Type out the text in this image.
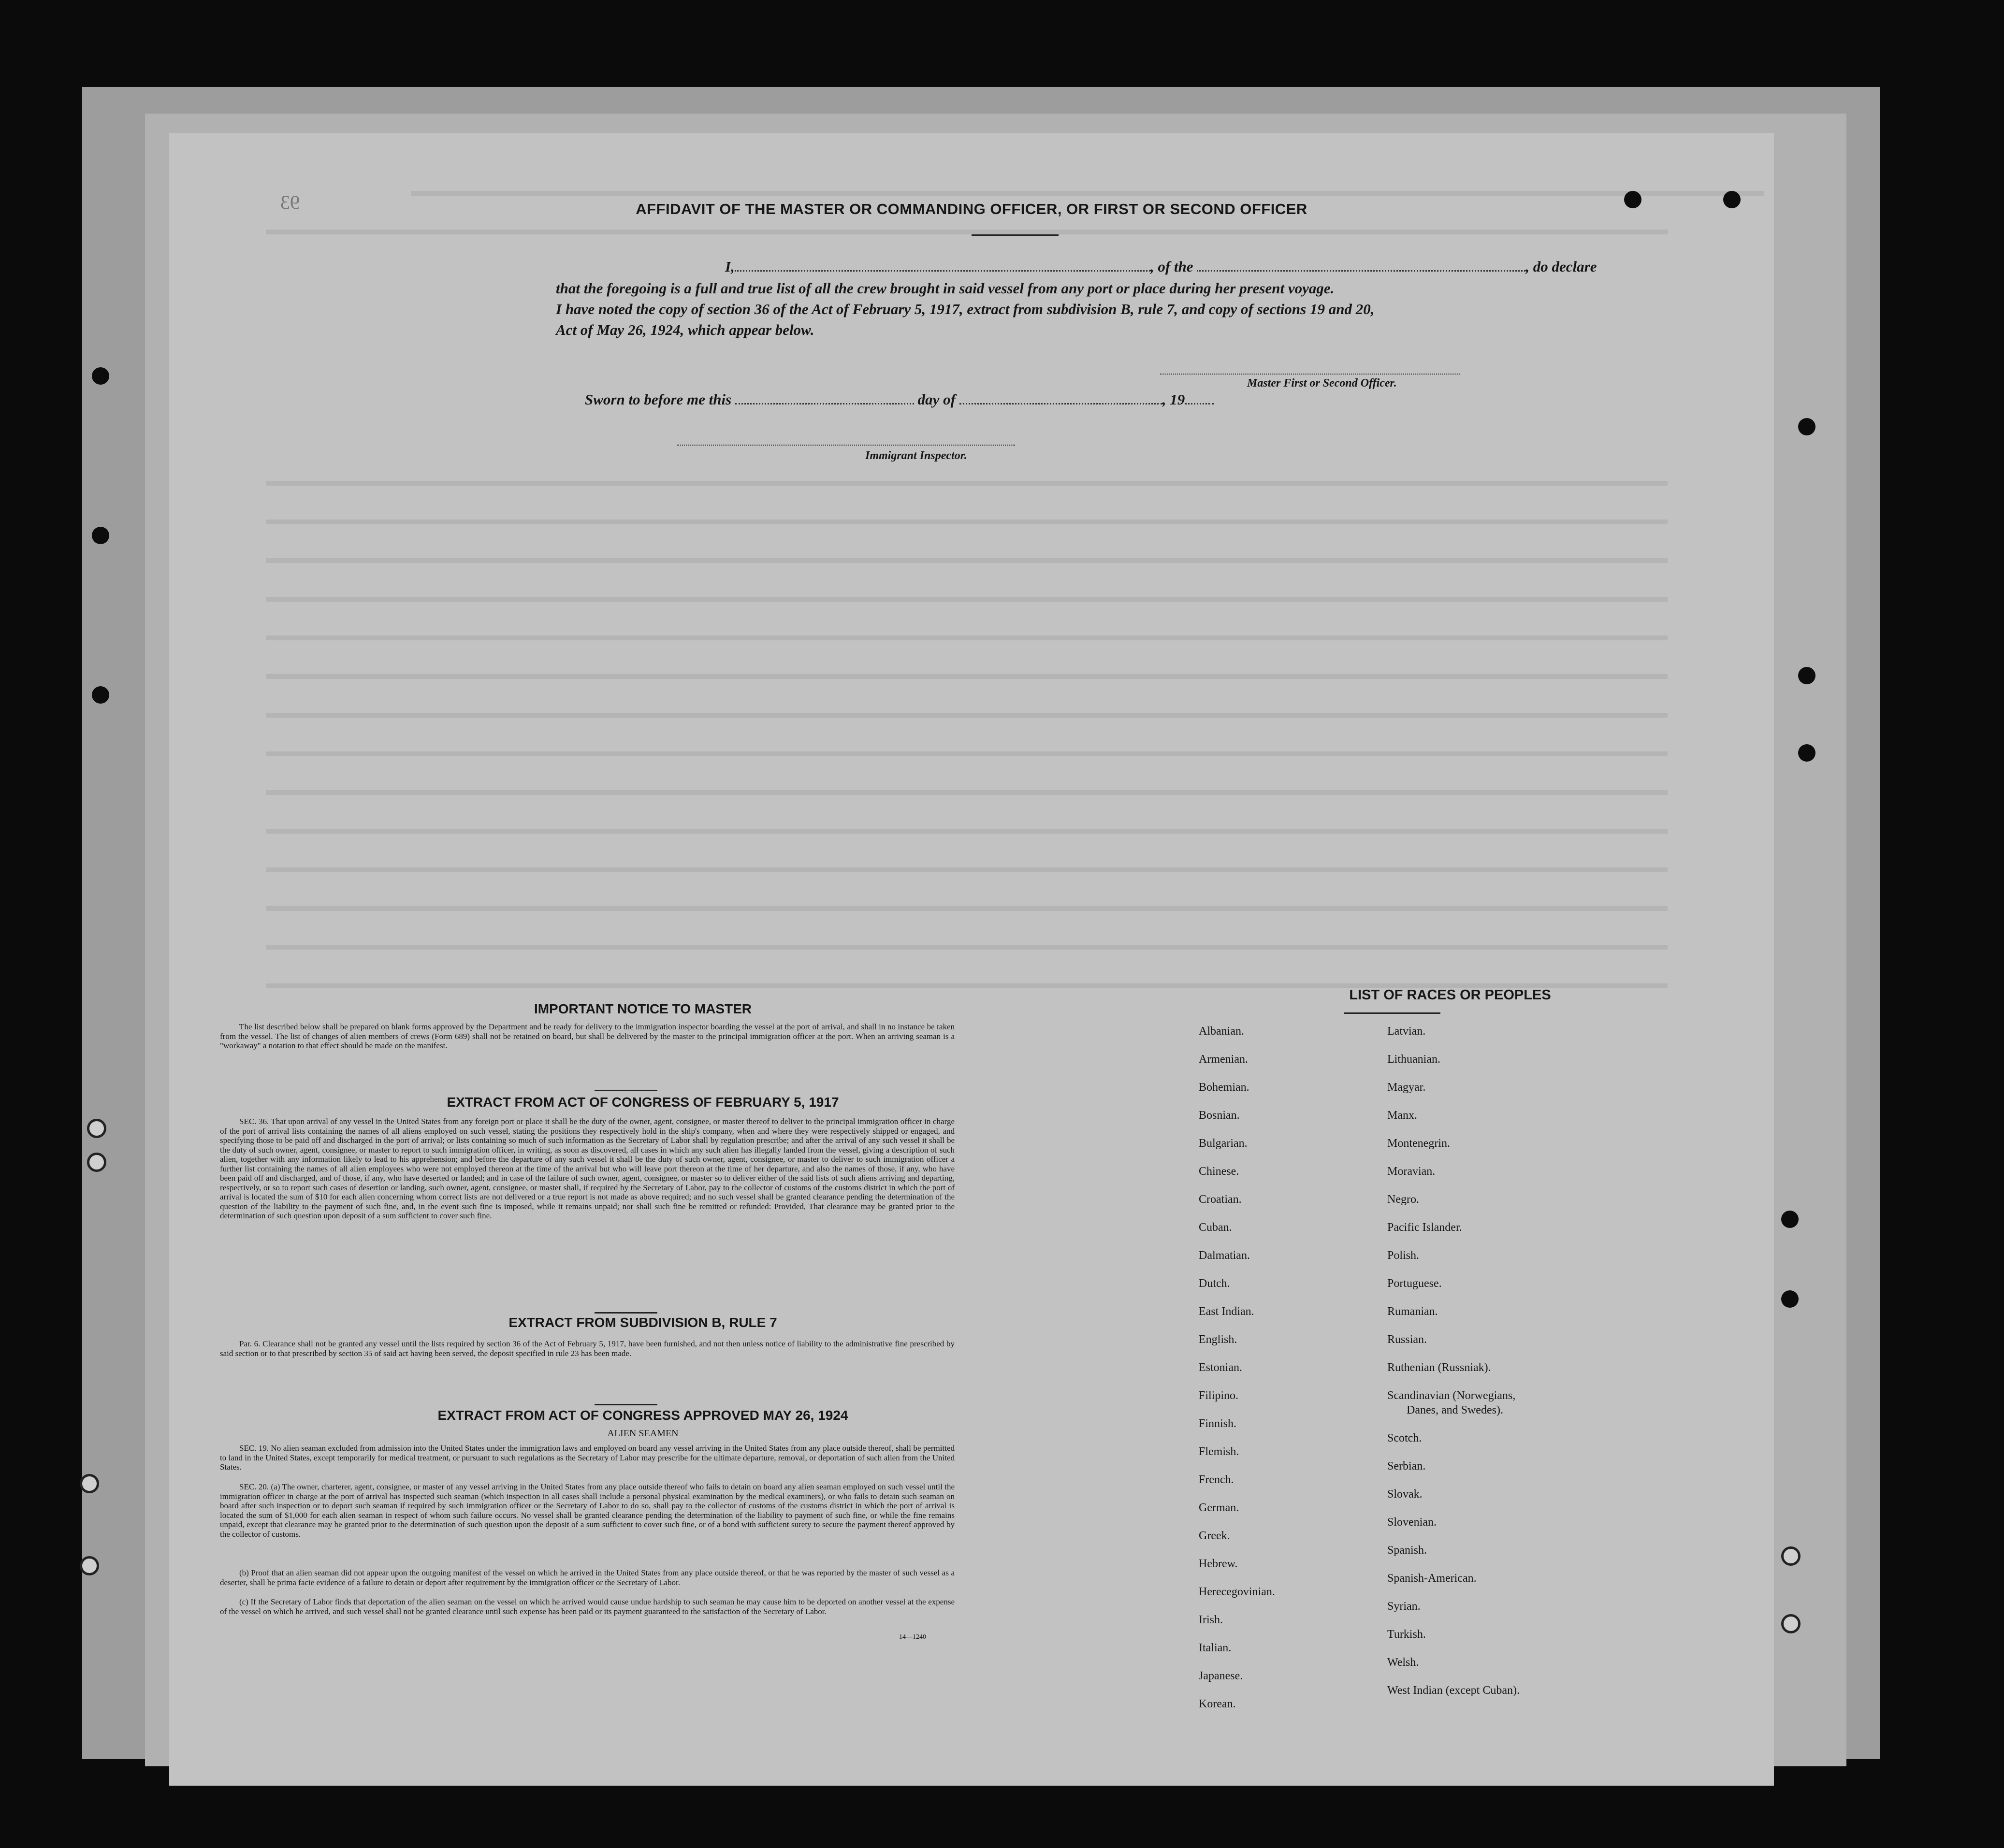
93	AFFIDAVIT OF THE MASTER OR COMMANDING OFFICER, OR FIRST OR SECOND OFFICER

I,	, of the	, do declare
that the foregoing is a full and true list of all the crew brought in said vessel from any port or place during her present voyage.
I have noted the copy of section 36 of the Act of February 5, 1917, extract from subdivision B, rule 7, and copy of sections 19 and 20,
Act of May 26, 1924, which appear below.
Master First or Second Officer.
Sworn to before me this	day of	, 19
Immigrant Inspector.

IMPORTANT NOTICE TO MASTER

The list described below shall be prepared on blank forms approved by the Department and be ready for delivery to the immigration inspector boarding the vessel at the port of arrival, and shall in no instance be taken from the vessel. The list of changes of alien members of crews (Form 689) shall not be retained on board, but shall be delivered by the master to the principal immigration officer at the port. When an arriving seaman is a "workaway" a notation to that effect should be made on the manifest.

EXTRACT FROM ACT OF CONGRESS OF FEBRUARY 5, 1917

SEC. 36. That upon arrival of any vessel in the United States from any foreign port or place it shall be the duty of the owner, agent, consignee, or master thereof to deliver to the principal immigration officer in charge of the port of arrival lists containing the names of all aliens employed on such vessel, stating the positions they respectively hold in the ship's company, when and where they were respectively shipped or engaged, and specifying those to be paid off and discharged in the port of arrival; or lists containing so much of such information as the Secretary of Labor shall by regulation prescribe; and after the arrival of any such vessel it shall be the duty of such owner, agent, consignee, or master to report to such immigration officer, in writing, as soon as discovered, all cases in which any such alien has illegally landed from the vessel, giving a description of such alien, together with any information likely to lead to his apprehension; and before the departure of any such vessel it shall be the duty of such owner, agent, consignee, or master to deliver to such immigration officer a further list containing the names of all alien employees who were not employed thereon at the time of the arrival but who will leave port thereon at the time of her departure, and also the names of those, if any, who have been paid off and discharged, and of those, if any, who have deserted or landed; and in case of the failure of such owner, agent, consignee, or master so to deliver either of the said lists of such aliens arriving and departing, respectively, or so to report such cases of desertion or landing, such owner, agent, consignee, or master shall, if required by the Secretary of Labor, pay to the collector of customs of the customs district in which the port of arrival is located the sum of $10 for each alien concerning whom correct lists are not delivered or a true report is not made as above required; and no such vessel shall be granted clearance pending the determination of the question of the liability to the payment of such fine, and, in the event such fine is imposed, while it remains unpaid; nor shall such fine be remitted or refunded: Provided, That clearance may be granted prior to the determination of such question upon deposit of a sum sufficient to cover such fine.

EXTRACT FROM SUBDIVISION B, RULE 7

Par. 6. Clearance shall not be granted any vessel until the lists required by section 36 of the Act of February 5, 1917, have been furnished, and not then unless notice of liability to the administrative fine prescribed by said section or to that prescribed by section 35 of said act having been served, the deposit specified in rule 23 has been made.

EXTRACT FROM ACT OF CONGRESS APPROVED MAY 26, 1924

ALIEN SEAMEN

SEC. 19. No alien seaman excluded from admission into the United States under the immigration laws and employed on board any vessel arriving in the United States from any place outside thereof, shall be permitted to land in the United States, except temporarily for medical treatment, or pursuant to such regulations as the Secretary of Labor may prescribe for the ultimate departure, removal, or deportation of such alien from the United States.

SEC. 20. (a) The owner, charterer, agent, consignee, or master of any vessel arriving in the United States from any place outside thereof who fails to detain on board any alien seaman employed on such vessel until the immigration officer in charge at the port of arrival has inspected such seaman (which inspection in all cases shall include a personal physical examination by the medical examiners), or who fails to detain such seaman on board after such inspection or to deport such seaman if required by such immigration officer or the Secretary of Labor to do so, shall pay to the collector of customs of the customs district in which the port of arrival is located the sum of $1,000 for each alien seaman in respect of whom such failure occurs. No vessel shall be granted clearance pending the determination of the liability to payment of such fine, or while the fine remains unpaid, except that clearance may be granted prior to the determination of such question upon the deposit of a sum sufficient to cover such fine, or of a bond with sufficient surety to secure the payment thereof approved by the collector of customs.

(b) Proof that an alien seaman did not appear upon the outgoing manifest of the vessel on which he arrived in the United States from any place outside thereof, or that he was reported by the master of such vessel as a deserter, shall be prima facie evidence of a failure to detain or deport after requirement by the immigration officer or the Secretary of Labor.

(c) If the Secretary of Labor finds that deportation of the alien seaman on the vessel on which he arrived would cause undue hardship to such seaman he may cause him to be deported on another vessel at the expense of the vessel on which he arrived, and such vessel shall not be granted clearance until such expense has been paid or its payment guaranteed to the satisfaction of the Secretary of Labor.

14—1240

LIST OF RACES OR PEOPLES

Albanian.
Armenian.
Bohemian.
Bosnian.
Bulgarian.
Chinese.
Croatian.
Cuban.
Dalmatian.
Dutch.
East Indian.
English.
Estonian.
Filipino.
Finnish.
Flemish.
French.
German.
Greek.
Hebrew.
Herecegovinian.
Irish.
Italian.
Japanese.
Korean.
Latvian.
Lithuanian.
Magyar.
Manx.
Montenegrin.
Moravian.
Negro.
Pacific Islander.
Polish.
Portuguese.
Rumanian.
Russian.
Ruthenian (Russniak).
Scandinavian (Norwegians,
Danes, and Swedes).
Scotch.
Serbian.
Slovak.
Slovenian.
Spanish.
Spanish-American.
Syrian.
Turkish.
Welsh.
West Indian (except Cuban).
